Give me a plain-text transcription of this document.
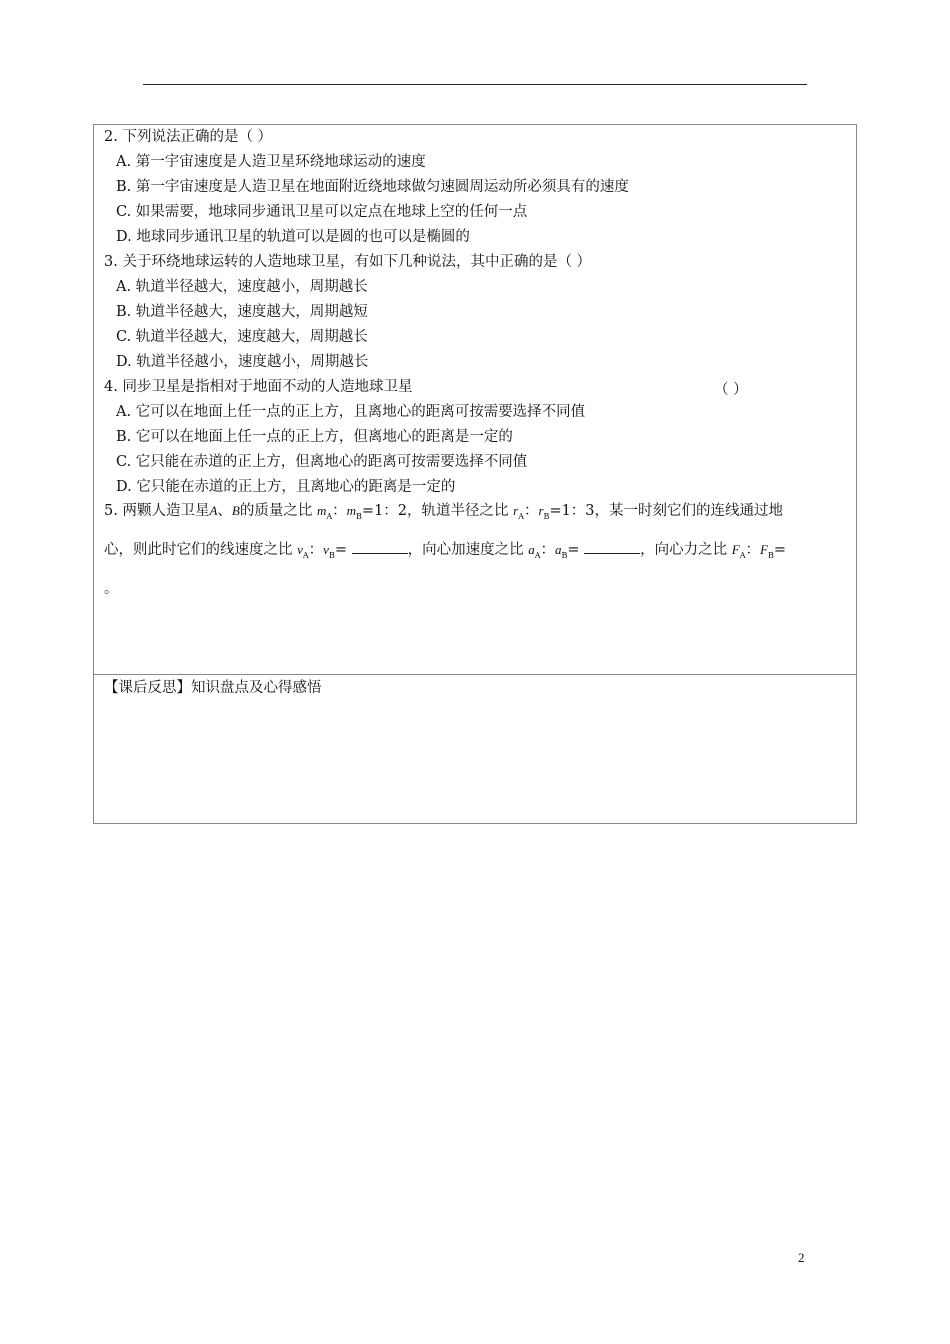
2. 下列说法正确的是（ ）
A. 第一宇宙速度是人造卫星环绕地球运动的速度
B. 第一宇宙速度是人造卫星在地面附近绕地球做匀速圆周运动所必须具有的速度
C. 如果需要，地球同步通讯卫星可以定点在地球上空的任何一点
D. 地球同步通讯卫星的轨道可以是圆的也可以是椭圆的
3. 关于环绕地球运转的人造地球卫星，有如下几种说法，其中正确的是（ ）
A. 轨道半径越大，速度越小，周期越长
B. 轨道半径越大，速度越大，周期越短
C. 轨道半径越大，速度越大，周期越长
D. 轨道半径越小，速度越小，周期越长
4. 同步卫星是指相对于地面不动的人造地球卫星	（ ）
A. 它可以在地面上任一点的正上方，且离地心的距离可按需要选择不同值
B. 它可以在地面上任一点的正上方，但离地心的距离是一定的
C. 它只能在赤道的正上方，但离地心的距离可按需要选择不同值
D. 它只能在赤道的正上方，且离地心的距离是一定的
5. 两颗人造卫星A、B的质量之比 $m_A$：$m_B=1$：2，轨道半径之比 $r_A$：$r_B=1$：3，某一时刻它们的连线通过地
心，则此时它们的线速度之比 $v_A$：$v_B=$	，向心加速度之比 $a_A$：$a_B=$	，向心力之比 $F_A$：$F_B=$
。
【课后反思】知识盘点及心得感悟
2
